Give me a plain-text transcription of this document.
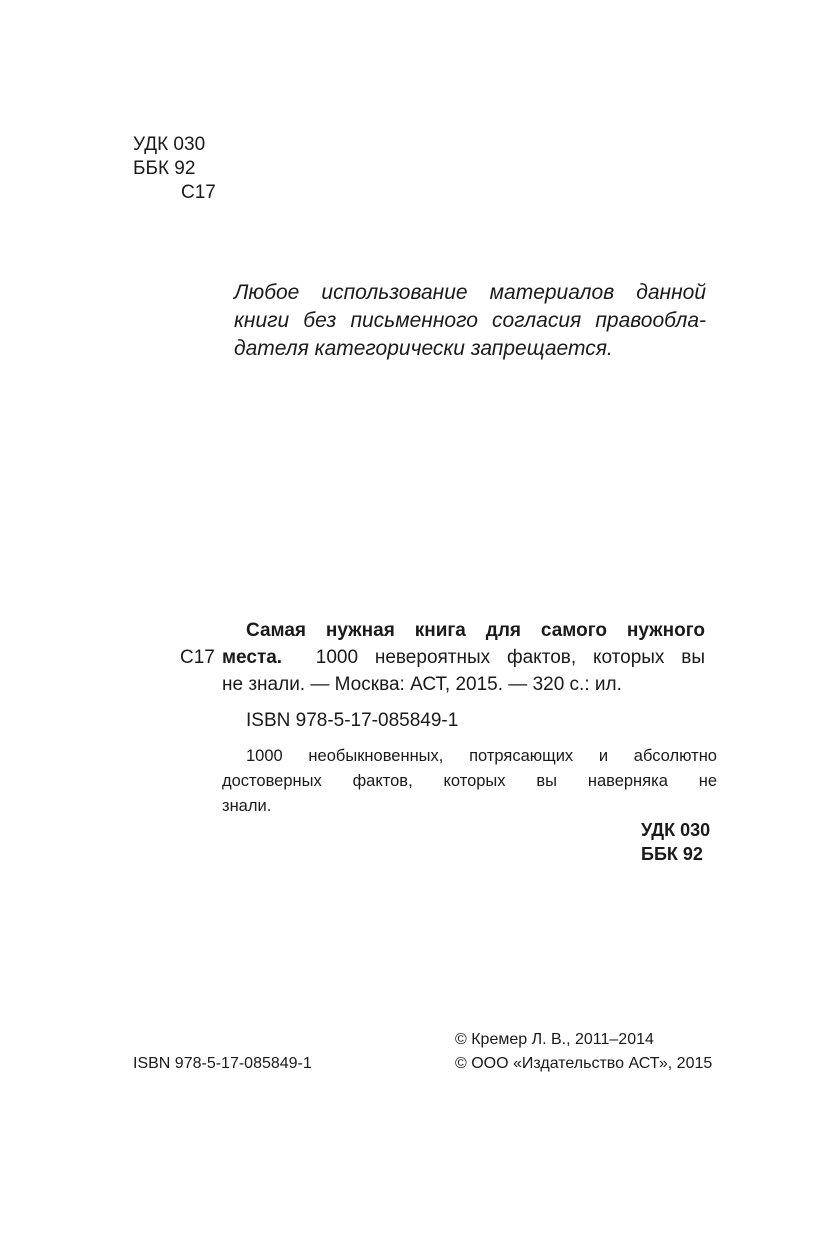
УДК 030
ББК 92
С17
Любое использование материалов данной
книги без письменного согласия правообла-
дателя категорически запрещается.
С17
Самая нужная книга для самого нужного
места. 1000 невероятных фактов, которых вы
не знали. — Москва: АСТ, 2015. — 320 с.: ил.
ISBN 978-5-17-085849-1
1000 необыкновенных, потрясающих и абсолютно
достоверных фактов, которых вы наверняка не
знали.
УДК 030
ББК 92
© Кремер Л. В., 2011–2014
ISBN 978-5-17-085849-1	© ООО «Издательство АСТ», 2015
